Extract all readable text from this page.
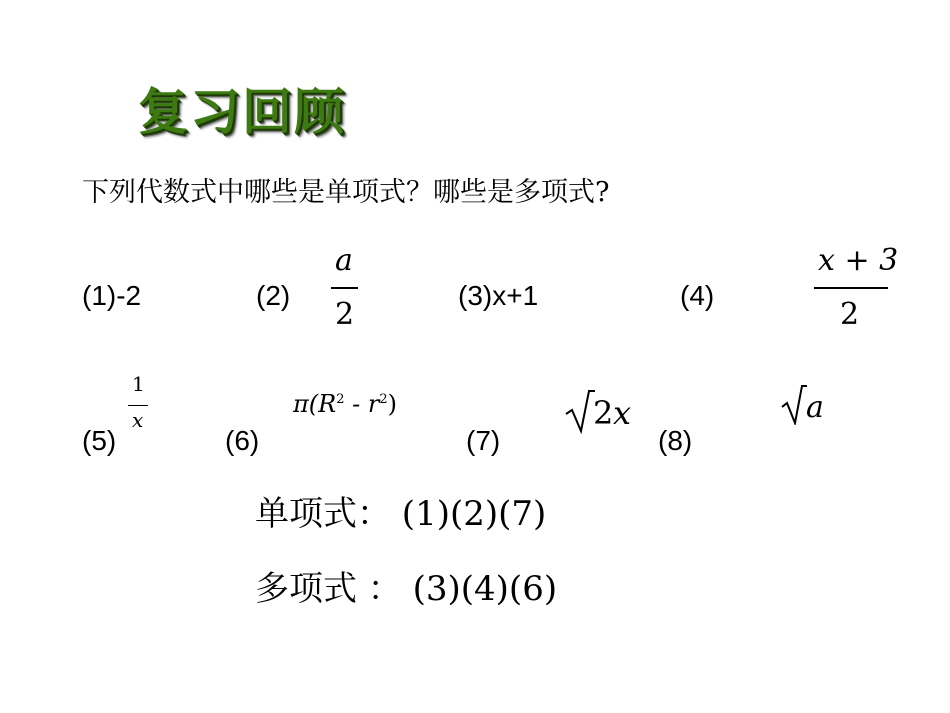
复习回顾
下列代数式中哪些是单项式？哪些是多项式?
(1)-2	(2)
a
2
(3)x+1	(4)
x + 3
2
(5)
1
x
(6)
$\pi(R^2 - r^2)$
(7)
2 x
(8)
a
单项式： (1)(2)(7)
多项式 ： (3)(4)(6)
